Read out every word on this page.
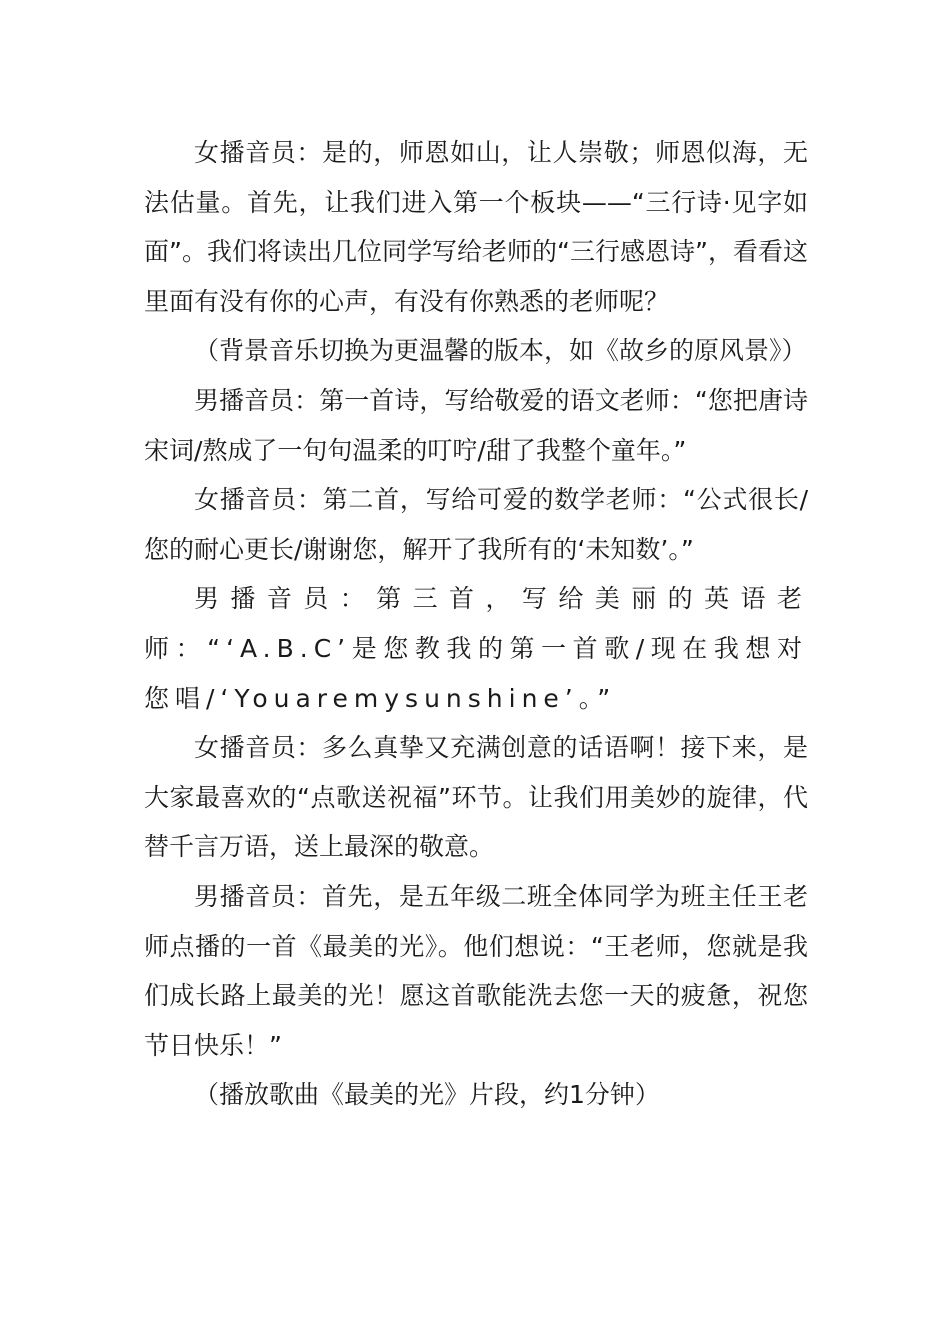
女播音员：是的，师恩如山，让人崇敬；师恩似海，无法估量。首先，让我们进入第一个板块——“三行诗·见字如面”。我们将读出几位同学写给老师的“三行感恩诗”，看看这里面有没有你的心声，有没有你熟悉的老师呢？

（背景音乐切换为更温馨的版本，如《故乡的原风景》）

男播音员：第一首诗，写给敬爱的语文老师：“您把唐诗宋词/熬成了一句句温柔的叮咛/甜了我整个童年。”

女播音员：第二首，写给可爱的数学老师：“公式很长/您的耐心更长/谢谢您，解开了我所有的‘未知数’。”

男播音员：第三首，写给美丽的英语老师：“‘A.B.C’是您教我的第一首歌/现在我想对您唱/‘Youaremysunshine’。”

女播音员：多么真挚又充满创意的话语啊！接下来，是大家最喜欢的“点歌送祝福”环节。让我们用美妙的旋律，代替千言万语，送上最深的敬意。

男播音员：首先，是五年级二班全体同学为班主任王老师点播的一首《最美的光》。他们想说：“王老师，您就是我们成长路上最美的光！愿这首歌能洗去您一天的疲惫，祝您节日快乐！”

（播放歌曲《最美的光》片段，约1分钟）
